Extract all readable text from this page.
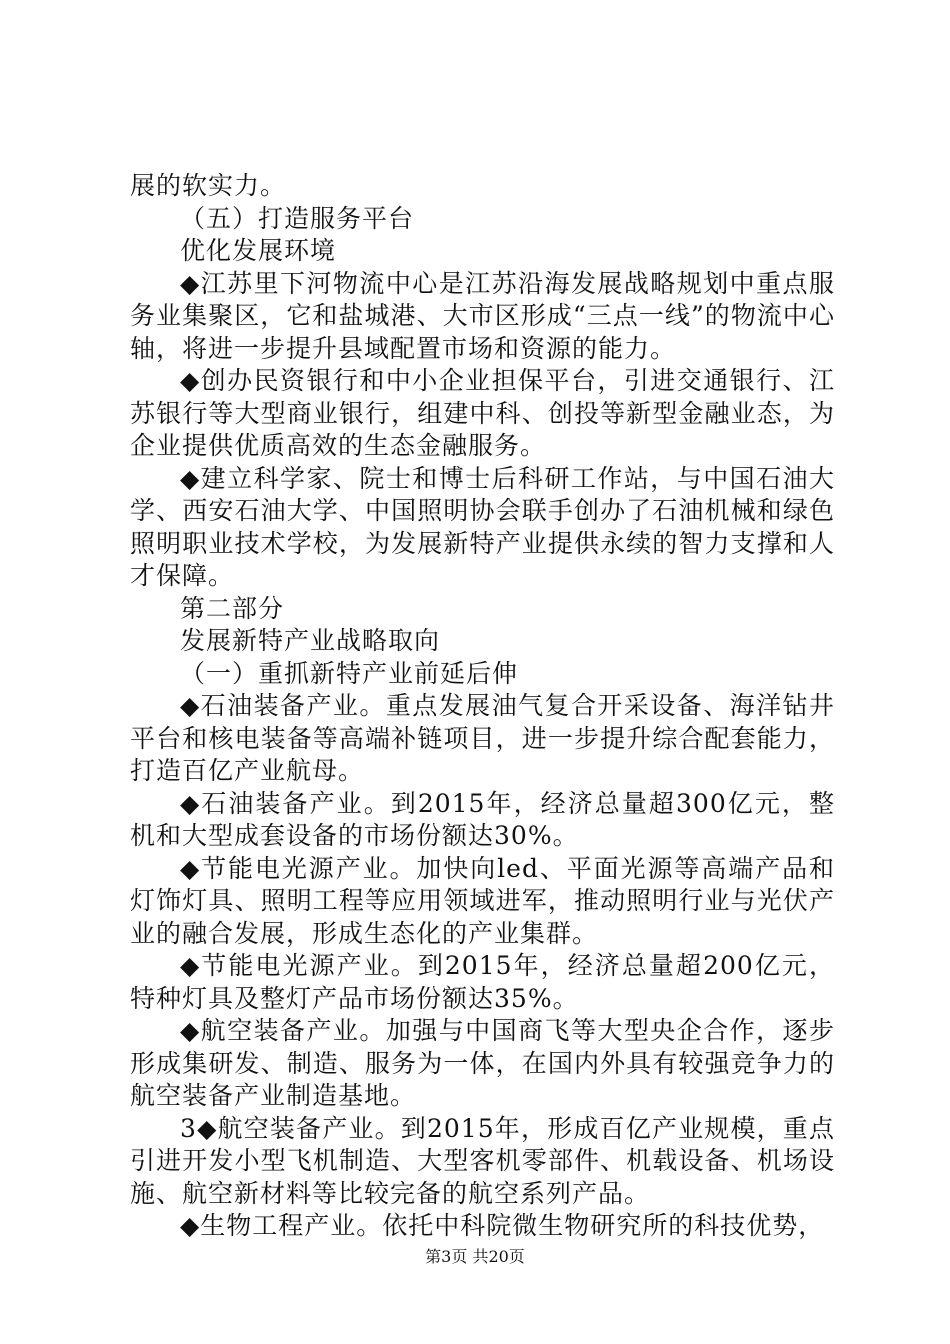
展的软实力。

（五）打造服务平台

优化发展环境

◆江苏里下河物流中心是江苏沿海发展战略规划中重点服务业集聚区，它和盐城港、大市区形成“三点一线”的物流中心轴，将进一步提升县域配置市场和资源的能力。

◆创办民资银行和中小企业担保平台，引进交通银行、江苏银行等大型商业银行，组建中科、创投等新型金融业态，为企业提供优质高效的生态金融服务。

◆建立科学家、院士和博士后科研工作站，与中国石油大学、西安石油大学、中国照明协会联手创办了石油机械和绿色照明职业技术学校，为发展新特产业提供永续的智力支撑和人才保障。

第二部分

发展新特产业战略取向

（一）重抓新特产业前延后伸

◆石油装备产业。重点发展油气复合开采设备、海洋钻井平台和核电装备等高端补链项目，进一步提升综合配套能力，打造百亿产业航母。

◆石油装备产业。到2015年，经济总量超300亿元，整机和大型成套设备的市场份额达30%。

◆节能电光源产业。加快向led、平面光源等高端产品和灯饰灯具、照明工程等应用领域进军，推动照明行业与光伏产业的融合发展，形成生态化的产业集群。

◆节能电光源产业。到2015年，经济总量超200亿元，特种灯具及整灯产品市场份额达35%。

◆航空装备产业。加强与中国商飞等大型央企合作，逐步形成集研发、制造、服务为一体，在国内外具有较强竞争力的航空装备产业制造基地。

3◆航空装备产业。到2015年，形成百亿产业规模，重点引进开发小型飞机制造、大型客机零部件、机载设备、机场设施、航空新材料等比较完备的航空系列产品。

◆生物工程产业。依托中科院微生物研究所的科技优势，

第3页 共20页
